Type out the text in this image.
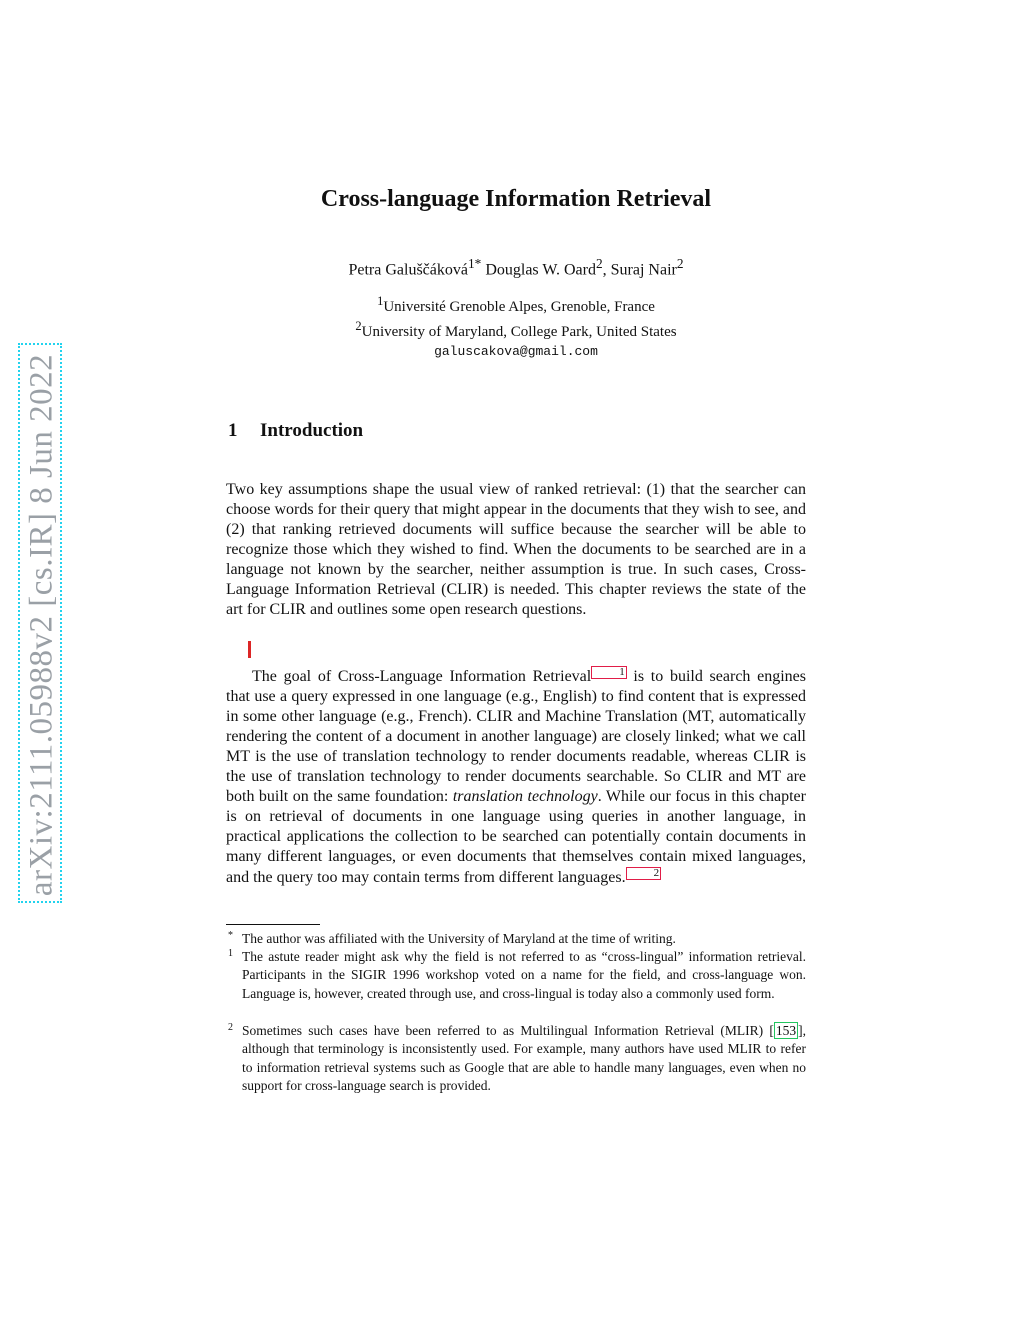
arXiv:2111.05988v2 [cs.IR] 8 Jun 2022
Cross-language Information Retrieval
Petra Galuščáková$^{1*}$ Douglas W. Oard$^2$, Suraj Nair$^2$
$^1$Université Grenoble Alpes, Grenoble, France
$^2$University of Maryland, College Park, United States
galuscakova@gmail.com
1 Introduction

Two key assumptions shape the usual view of ranked retrieval: (1) that the searcher can choose words for their query that might appear in the documents that they wish to see, and (2) that ranking retrieved documents will suffice because the searcher will be able to recognize those which they wished to find. When the documents to be searched are in a language not known by the searcher, neither assumption is true. In such cases, Cross-Language Information Retrieval (CLIR) is needed. This chapter reviews the state of the art for CLIR and outlines some open research questions.

The goal of Cross-Language Information Retrieval	1 is to build search engines that use a query expressed in one language (e.g., English) to find content that is expressed in some other language (e.g., French). CLIR and Machine Translation (MT, automatically rendering the content of a document in another language) are closely linked; what we call MT is the use of translation technology to render documents readable, whereas CLIR is the use of translation technology to render documents searchable. So CLIR and MT are both built on the same foundation: translation technology. While our focus in this chapter is on retrieval of documents in one language using queries in another language, in practical applications the collection to be searched can potentially contain documents in many different languages, or even documents that themselves contain mixed languages, and the query too may contain terms from different languages.	2

* The author was affiliated with the University of Maryland at the time of writing.
1 The astute reader might ask why the field is not referred to as “cross-lingual” information retrieval. Participants in the SIGIR 1996 workshop voted on a name for the field, and cross-language won. Language is, however, created through use, and cross-lingual is today also a commonly used form.
2 Sometimes such cases have been referred to as Multilingual Information Retrieval (MLIR) [ 153 ], although that terminology is inconsistently used. For example, many authors have used MLIR to refer to information retrieval systems such as Google that are able to handle many languages, even when no support for cross-language search is provided.
